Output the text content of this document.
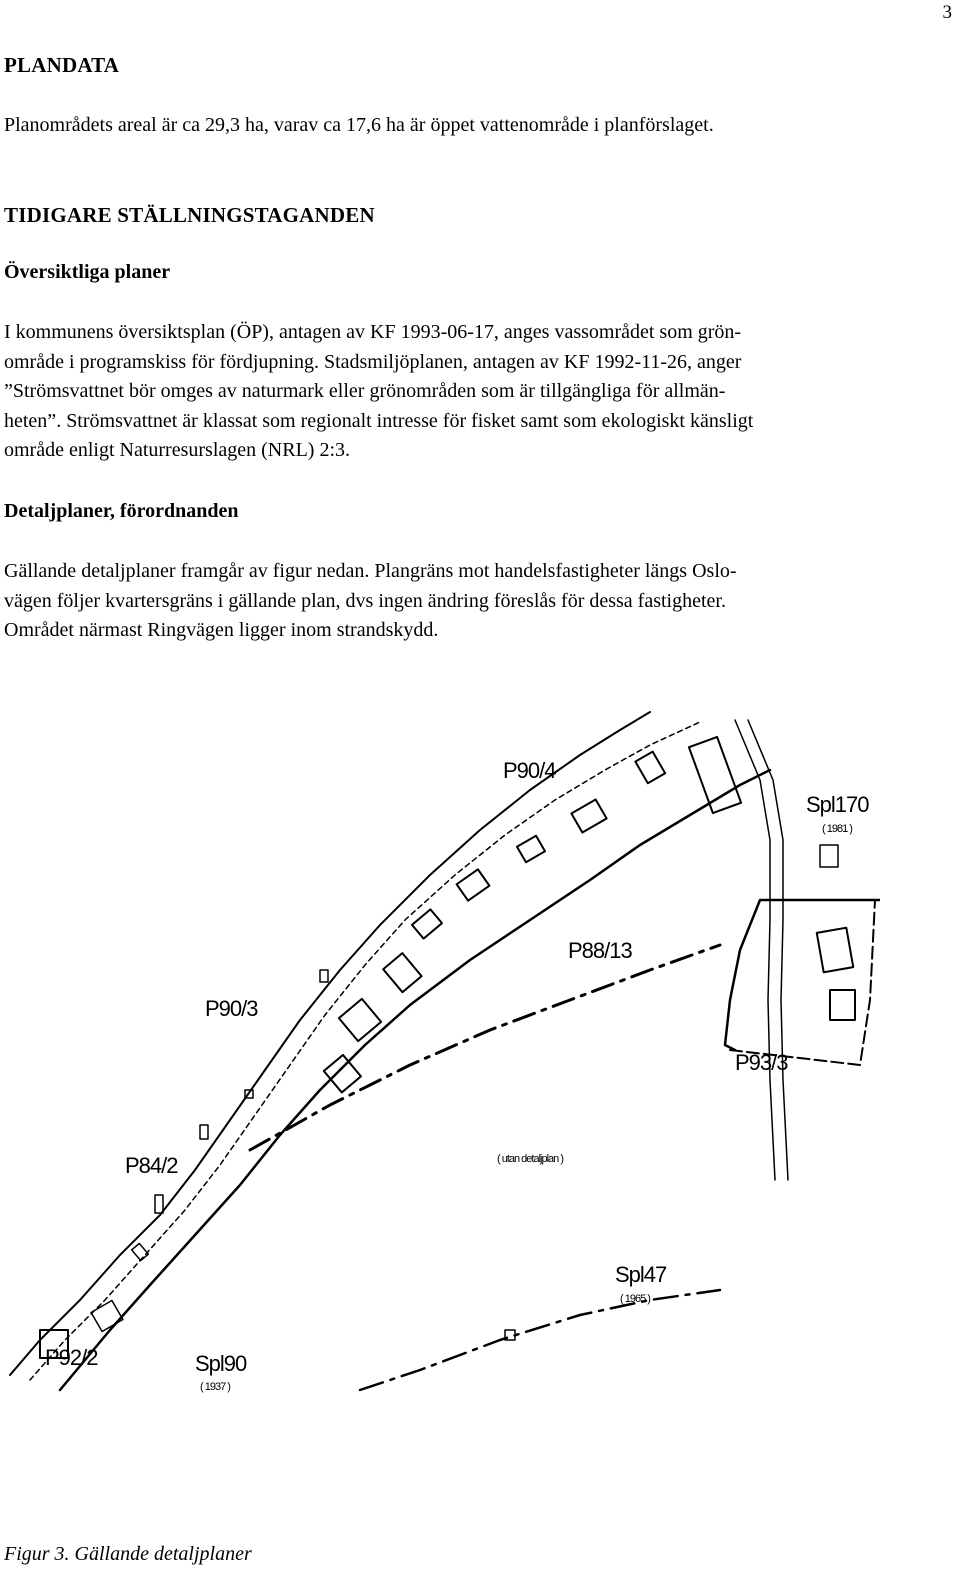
3
PLANDATA
Planområdets areal är ca 29,3 ha, varav ca 17,6 ha är öppet vattenområde i planförslaget.
TIDIGARE STÄLLNINGSTAGANDEN
Översiktliga planer
I kommunens översiktsplan (ÖP), antagen av KF 1993-06-17, anges vassområdet som grön-
område i programskiss för fördjupning. Stadsmiljöplanen, antagen av KF 1992-11-26, anger
”Strömsvattnet bör omges av naturmark eller grönområden som är tillgängliga för allmän-
heten”. Strömsvattnet är klassat som regionalt intresse för fisket samt som ekologiskt känsligt
område enligt Naturresurslagen (NRL) 2:3.
Detaljplaner, förordnanden
Gällande detaljplaner framgår av figur nedan. Plangräns mot handelsfastigheter längs Oslo-
vägen följer kvartersgräns i gällande plan, dvs ingen ändring föreslås för dessa fastigheter.
Området närmast Ringvägen ligger inom strandskydd.
P90/4
Spl170
( 1981 )
P88/13
P90/3
P93/3
P84/2	( utan detaljplan )
Spl47
( 1965 )
P92/2	Spl90
( 1937 )
Figur 3. Gällande detaljplaner
